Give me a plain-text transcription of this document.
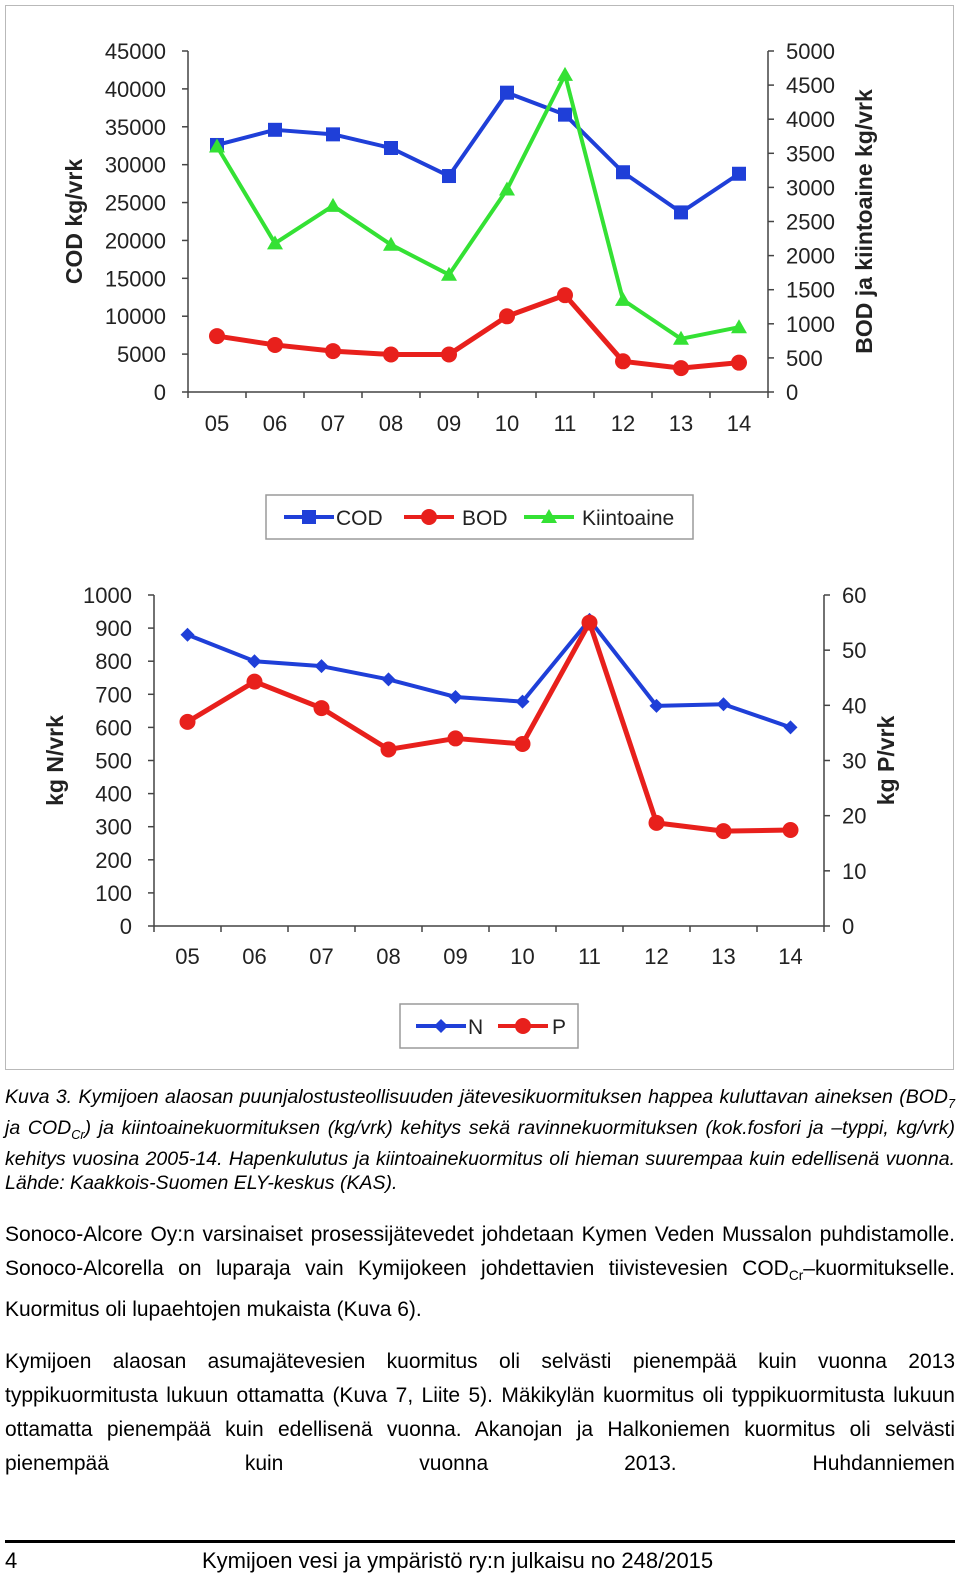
0
5000
10000
15000
20000
25000
30000
35000
40000
45000
0
500
1000
1500
2000
2500
3000
3500
4000
4500
5000
05 06 07 08 09 10 11 12 13 14
COD kg/vrk	BOD ja kiintoaine kg/vrk
COD	BOD	Kiintoaine
0
100
200
300
400
500
600
700
800
900
1000
0
10
20
30
40
50
60
05 06 07 08 09 10 11 12 13 14
kg N/vrk	kg P/vrk
N	P
Kuva 3. Kymijoen alaosan puunjalostusteollisuuden jätevesikuormituksen happea kuluttavan aineksen ($BOD_7$ ja $COD_{Cr}$) ja kiintoainekuormituksen (kg/vrk) kehitys sekä ravinnekuormituksen (kok.fosfori ja –typpi, kg/vrk) kehitys vuosina 2005-14. Hapenkulutus ja kiintoainekuormitus oli hieman suurempaa kuin edellisenä vuonna. Lähde: Kaakkois-Suomen ELY-keskus (KAS).
Sonoco-Alcore Oy:n varsinaiset prosessijätevedet johdetaan Kymen Veden Mussalon puhdistamolle. Sonoco-Alcorella on luparaja vain Kymijokeen johdettavien tiivistevesien $COD_{Cr}$–kuormitukselle. Kuormitus oli lupaehtojen mukaista (Kuva 6).
Kymijoen alaosan asumajätevesien kuormitus oli selvästi pienempää kuin vuonna 2013 typpikuormitusta lukuun ottamatta (Kuva 7, Liite 5). Mäkikylän kuormitus oli typpikuormitusta lukuun ottamatta pienempää kuin edellisenä vuonna. Akanojan ja Halkoniemen kuormitus oli selvästi pienempää kuin vuonna 2013. Huhdanniemen
4	Kymijoen vesi ja ympäristö ry:n julkaisu no 248/2015
